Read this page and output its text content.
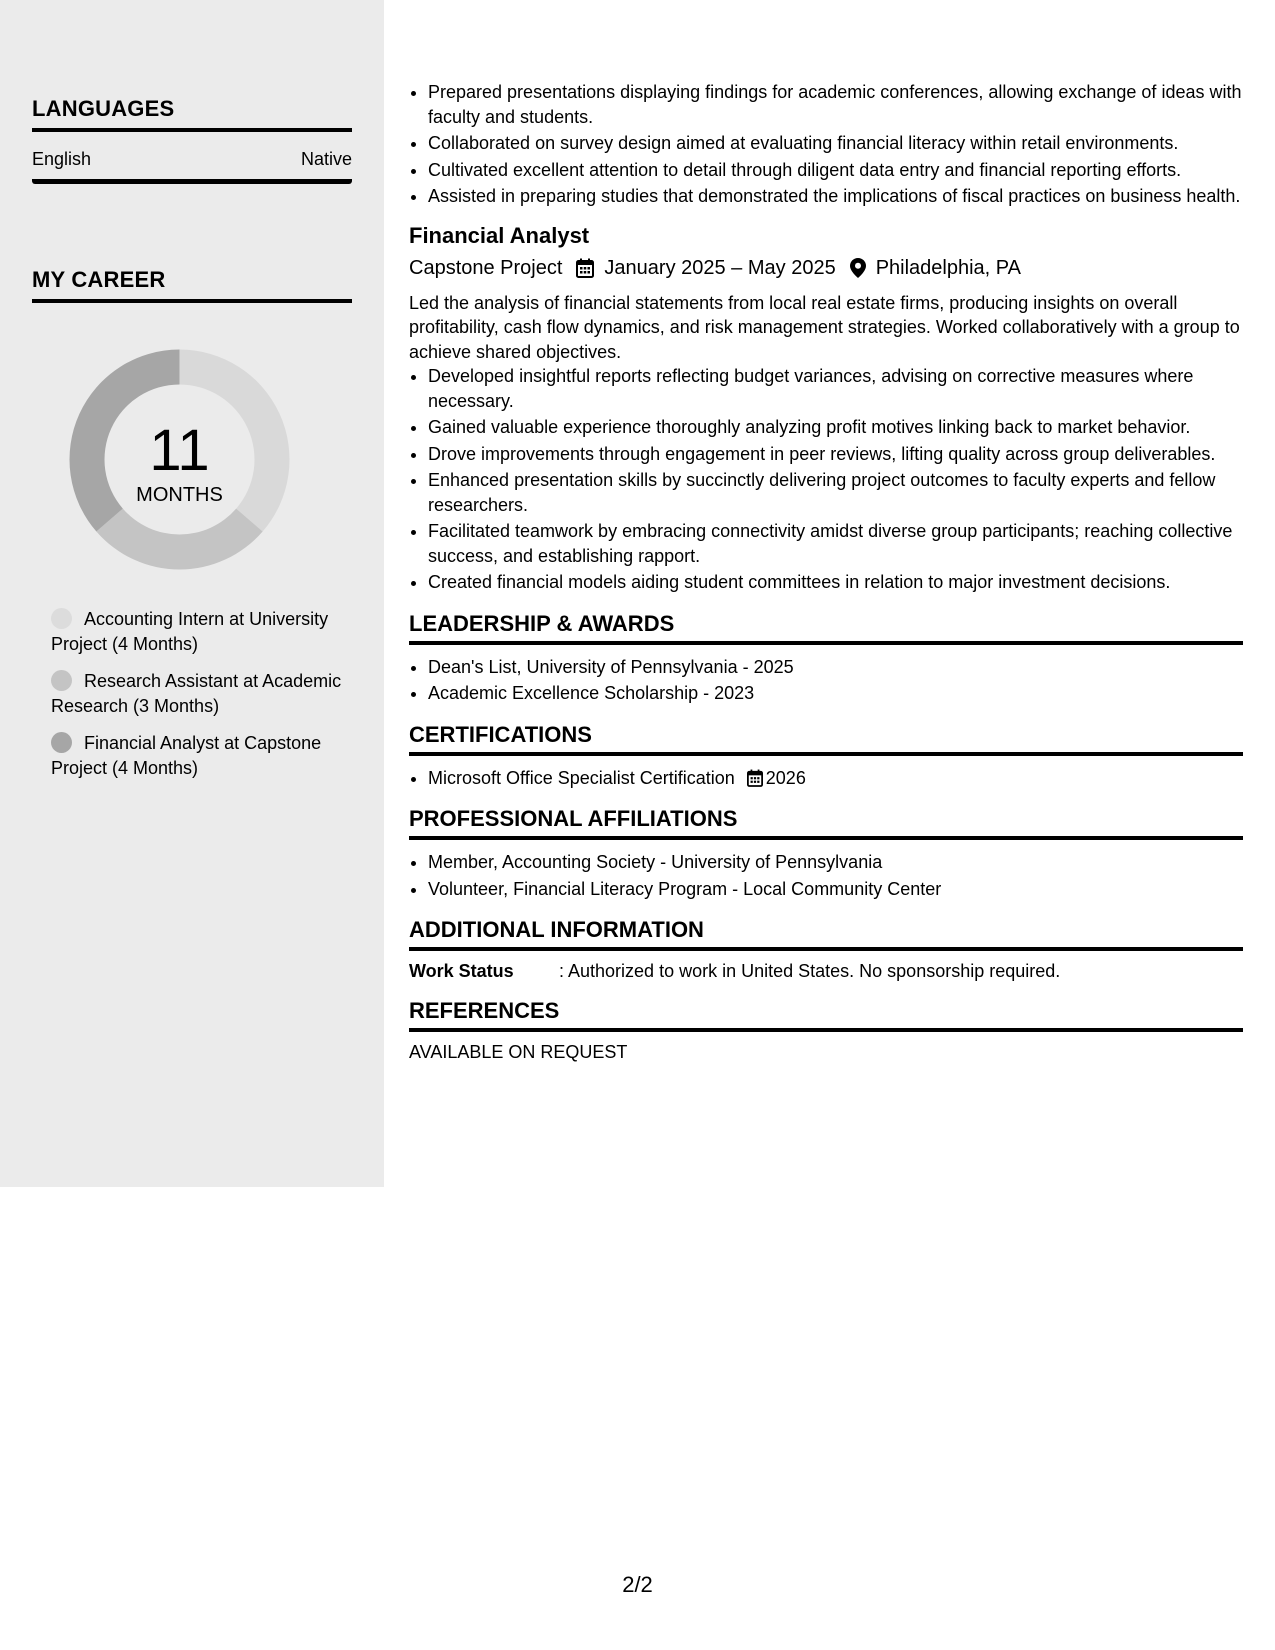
LANGUAGES
English	Native
MY CAREER
11
MONTHS
Accounting Intern at University Project (4 Months)
Research Assistant at Academic Research (3 Months)
Financial Analyst at Capstone Project (4 Months)
• Prepared presentations displaying findings for academic conferences, allowing exchange of ideas with faculty and students.
• Collaborated on survey design aimed at evaluating financial literacy within retail environments.
• Cultivated excellent attention to detail through diligent data entry and financial reporting efforts.
• Assisted in preparing studies that demonstrated the implications of fiscal practices on business health.
Financial Analyst
Capstone Project January 2025 – May 2025 Philadelphia, PA
Led the analysis of financial statements from local real estate firms, producing insights on overall profitability, cash flow dynamics, and risk management strategies. Worked collaboratively with a group to achieve shared objectives.
• Developed insightful reports reflecting budget variances, advising on corrective measures where necessary.
• Gained valuable experience thoroughly analyzing profit motives linking back to market behavior.
• Drove improvements through engagement in peer reviews, lifting quality across group deliverables.
• Enhanced presentation skills by succinctly delivering project outcomes to faculty experts and fellow researchers.
• Facilitated teamwork by embracing connectivity amidst diverse group participants; reaching collective success, and establishing rapport.
• Created financial models aiding student committees in relation to major investment decisions.
LEADERSHIP & AWARDS
• Dean's List, University of Pennsylvania - 2025
• Academic Excellence Scholarship - 2023
CERTIFICATIONS
• Microsoft Office Specialist Certification 2026
PROFESSIONAL AFFILIATIONS
• Member, Accounting Society - University of Pennsylvania
• Volunteer, Financial Literacy Program - Local Community Center
ADDITIONAL INFORMATION
Work Status	: Authorized to work in United States. No sponsorship required.
REFERENCES
AVAILABLE ON REQUEST
2/2
